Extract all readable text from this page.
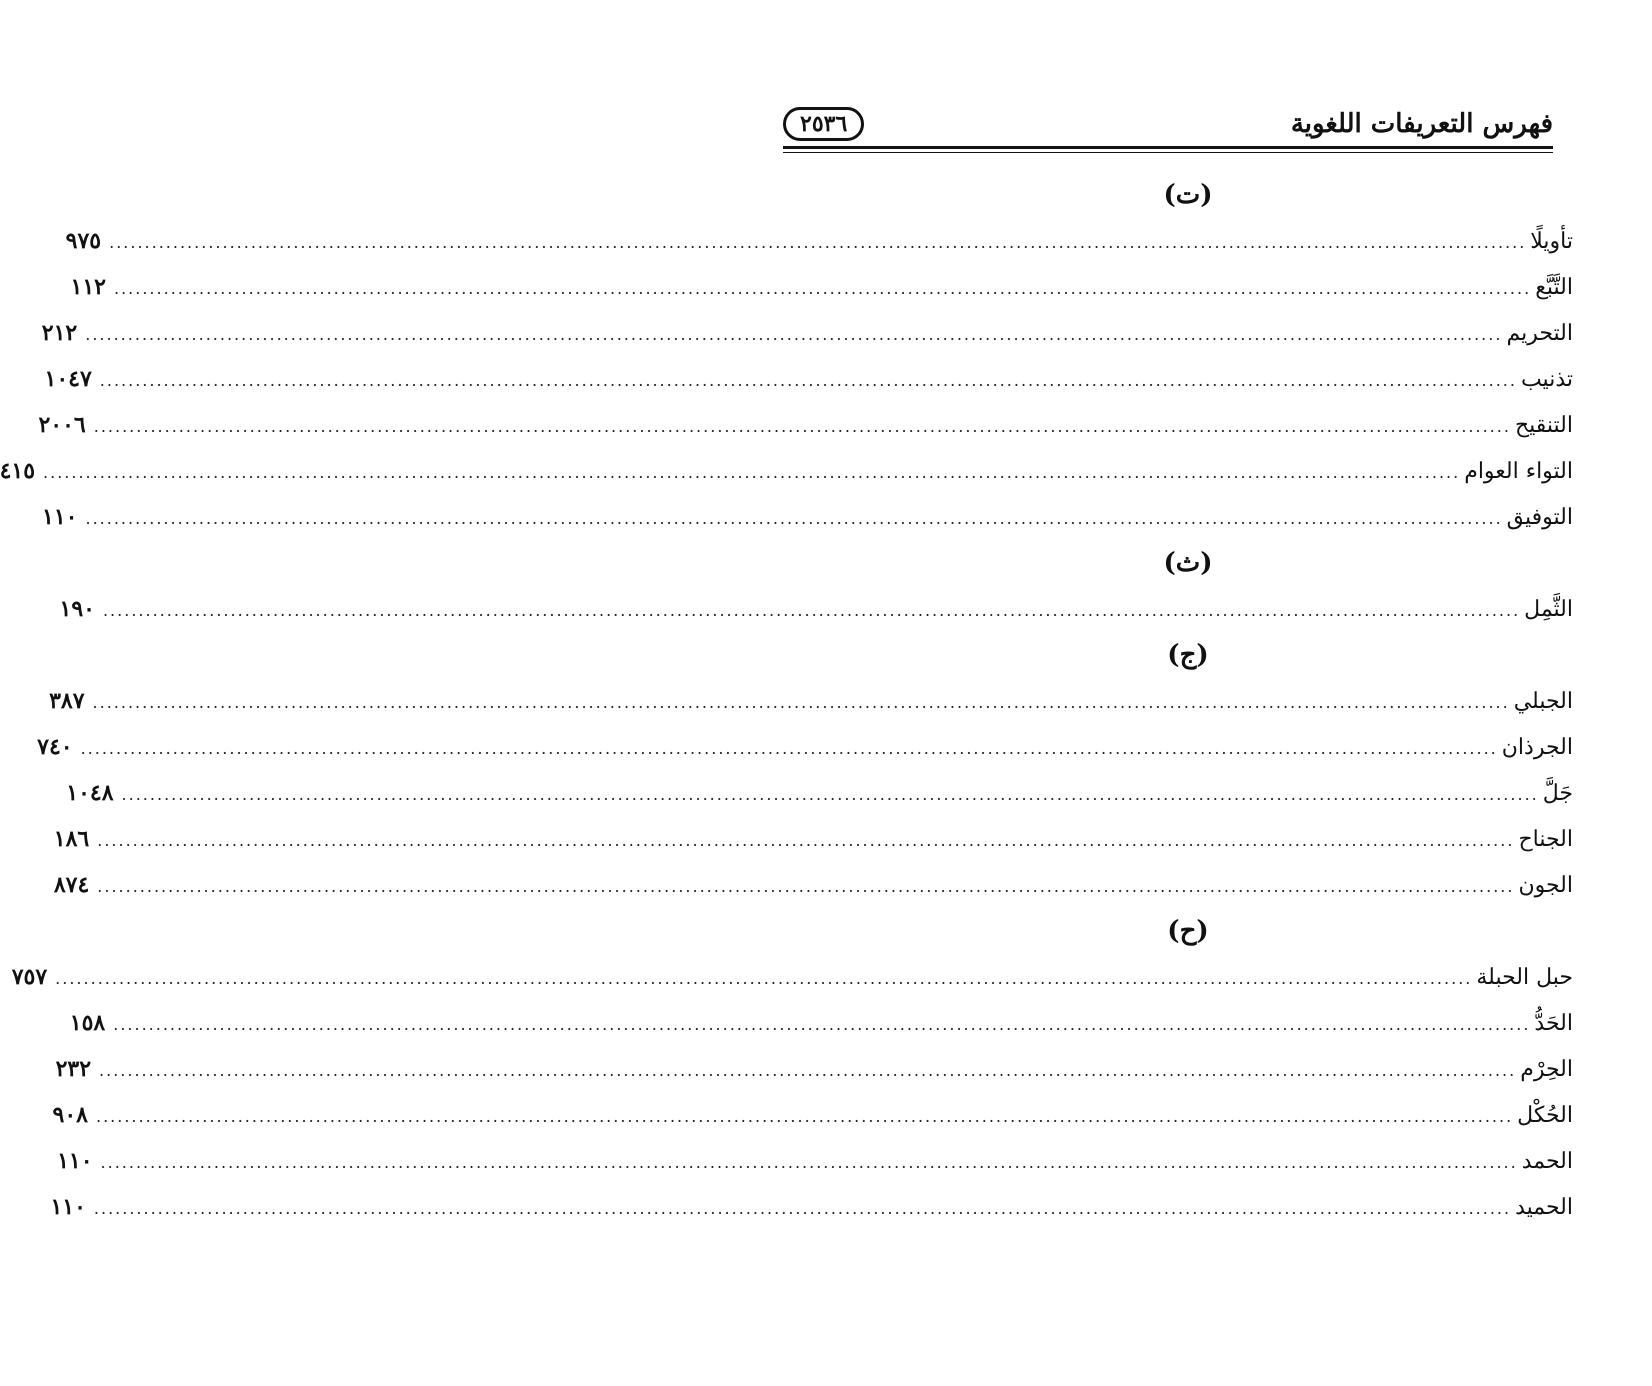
فهرس التعريفات اللغوية
٢٥٣٦
(ت)
تأويلًا
........................................................................................................................................................................................................
٩٧٥
التَّبَّع
........................................................................................................................................................................................................
١١٢
التحريم
........................................................................................................................................................................................................
٢١٢
تذنيب
........................................................................................................................................................................................................
١٠٤٧
التنقيح
........................................................................................................................................................................................................
٢٠٠٦
التواء العوام
........................................................................................................................................................................................................
٤١٥
التوفيق
........................................................................................................................................................................................................
١١٠
(ث)
الثَّمِل
........................................................................................................................................................................................................
١٩٠
(ج)
الجبلي
........................................................................................................................................................................................................
٣٨٧
الجرذان
........................................................................................................................................................................................................
٧٤٠
جَلَّ
........................................................................................................................................................................................................
١٠٤٨
الجناح
........................................................................................................................................................................................................
١٨٦
الجون
........................................................................................................................................................................................................
٨٧٤
(ح)
حبل الحبلة
........................................................................................................................................................................................................
٧٥٧
الحَدُّ
........................................................................................................................................................................................................
١٥٨
الحِرْم
........................................................................................................................................................................................................
٢٣٢
الحُكْل
........................................................................................................................................................................................................
٩٠٨
الحمد
........................................................................................................................................................................................................
١١٠
الحميد
........................................................................................................................................................................................................
١١٠
